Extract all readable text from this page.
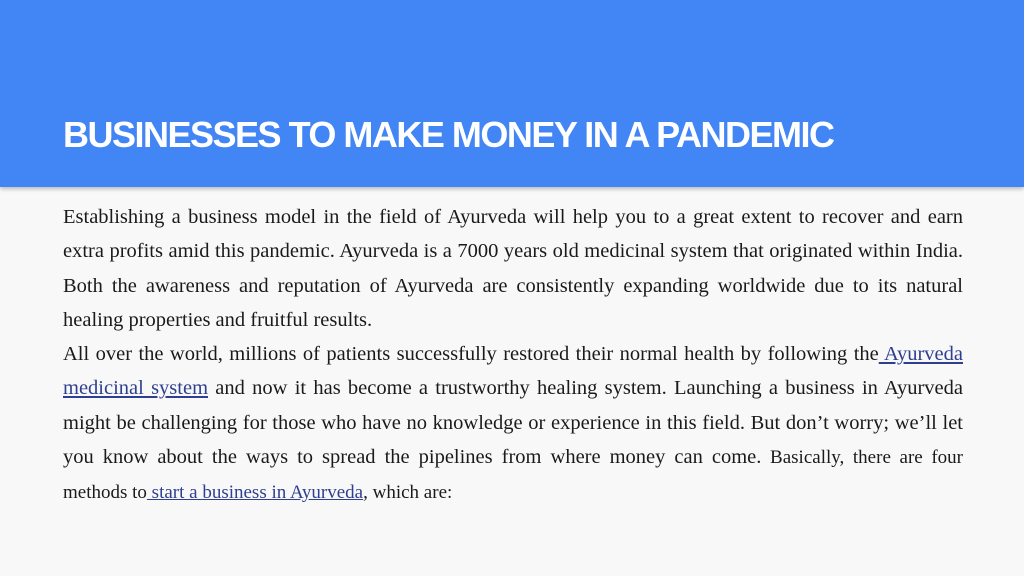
BUSINESSES TO MAKE MONEY IN A PANDEMIC

Establishing a business model in the field of Ayurveda will help you to a great extent to recover and earn extra profits amid this pandemic. Ayurveda is a 7000 years old medicinal system that originated within India. Both the awareness and reputation of Ayurveda are consistently expanding worldwide due to its natural healing properties and fruitful results.

All over the world, millions of patients successfully restored their normal health by following the Ayurveda medicinal system and now it has become a trustworthy healing system. Launching a business in Ayurveda might be challenging for those who have no knowledge or experience in this field. But don’t worry; we’ll let you know about the ways to spread the pipelines from where money can come. Basically, there are four methods to start a business in Ayurveda, which are:
